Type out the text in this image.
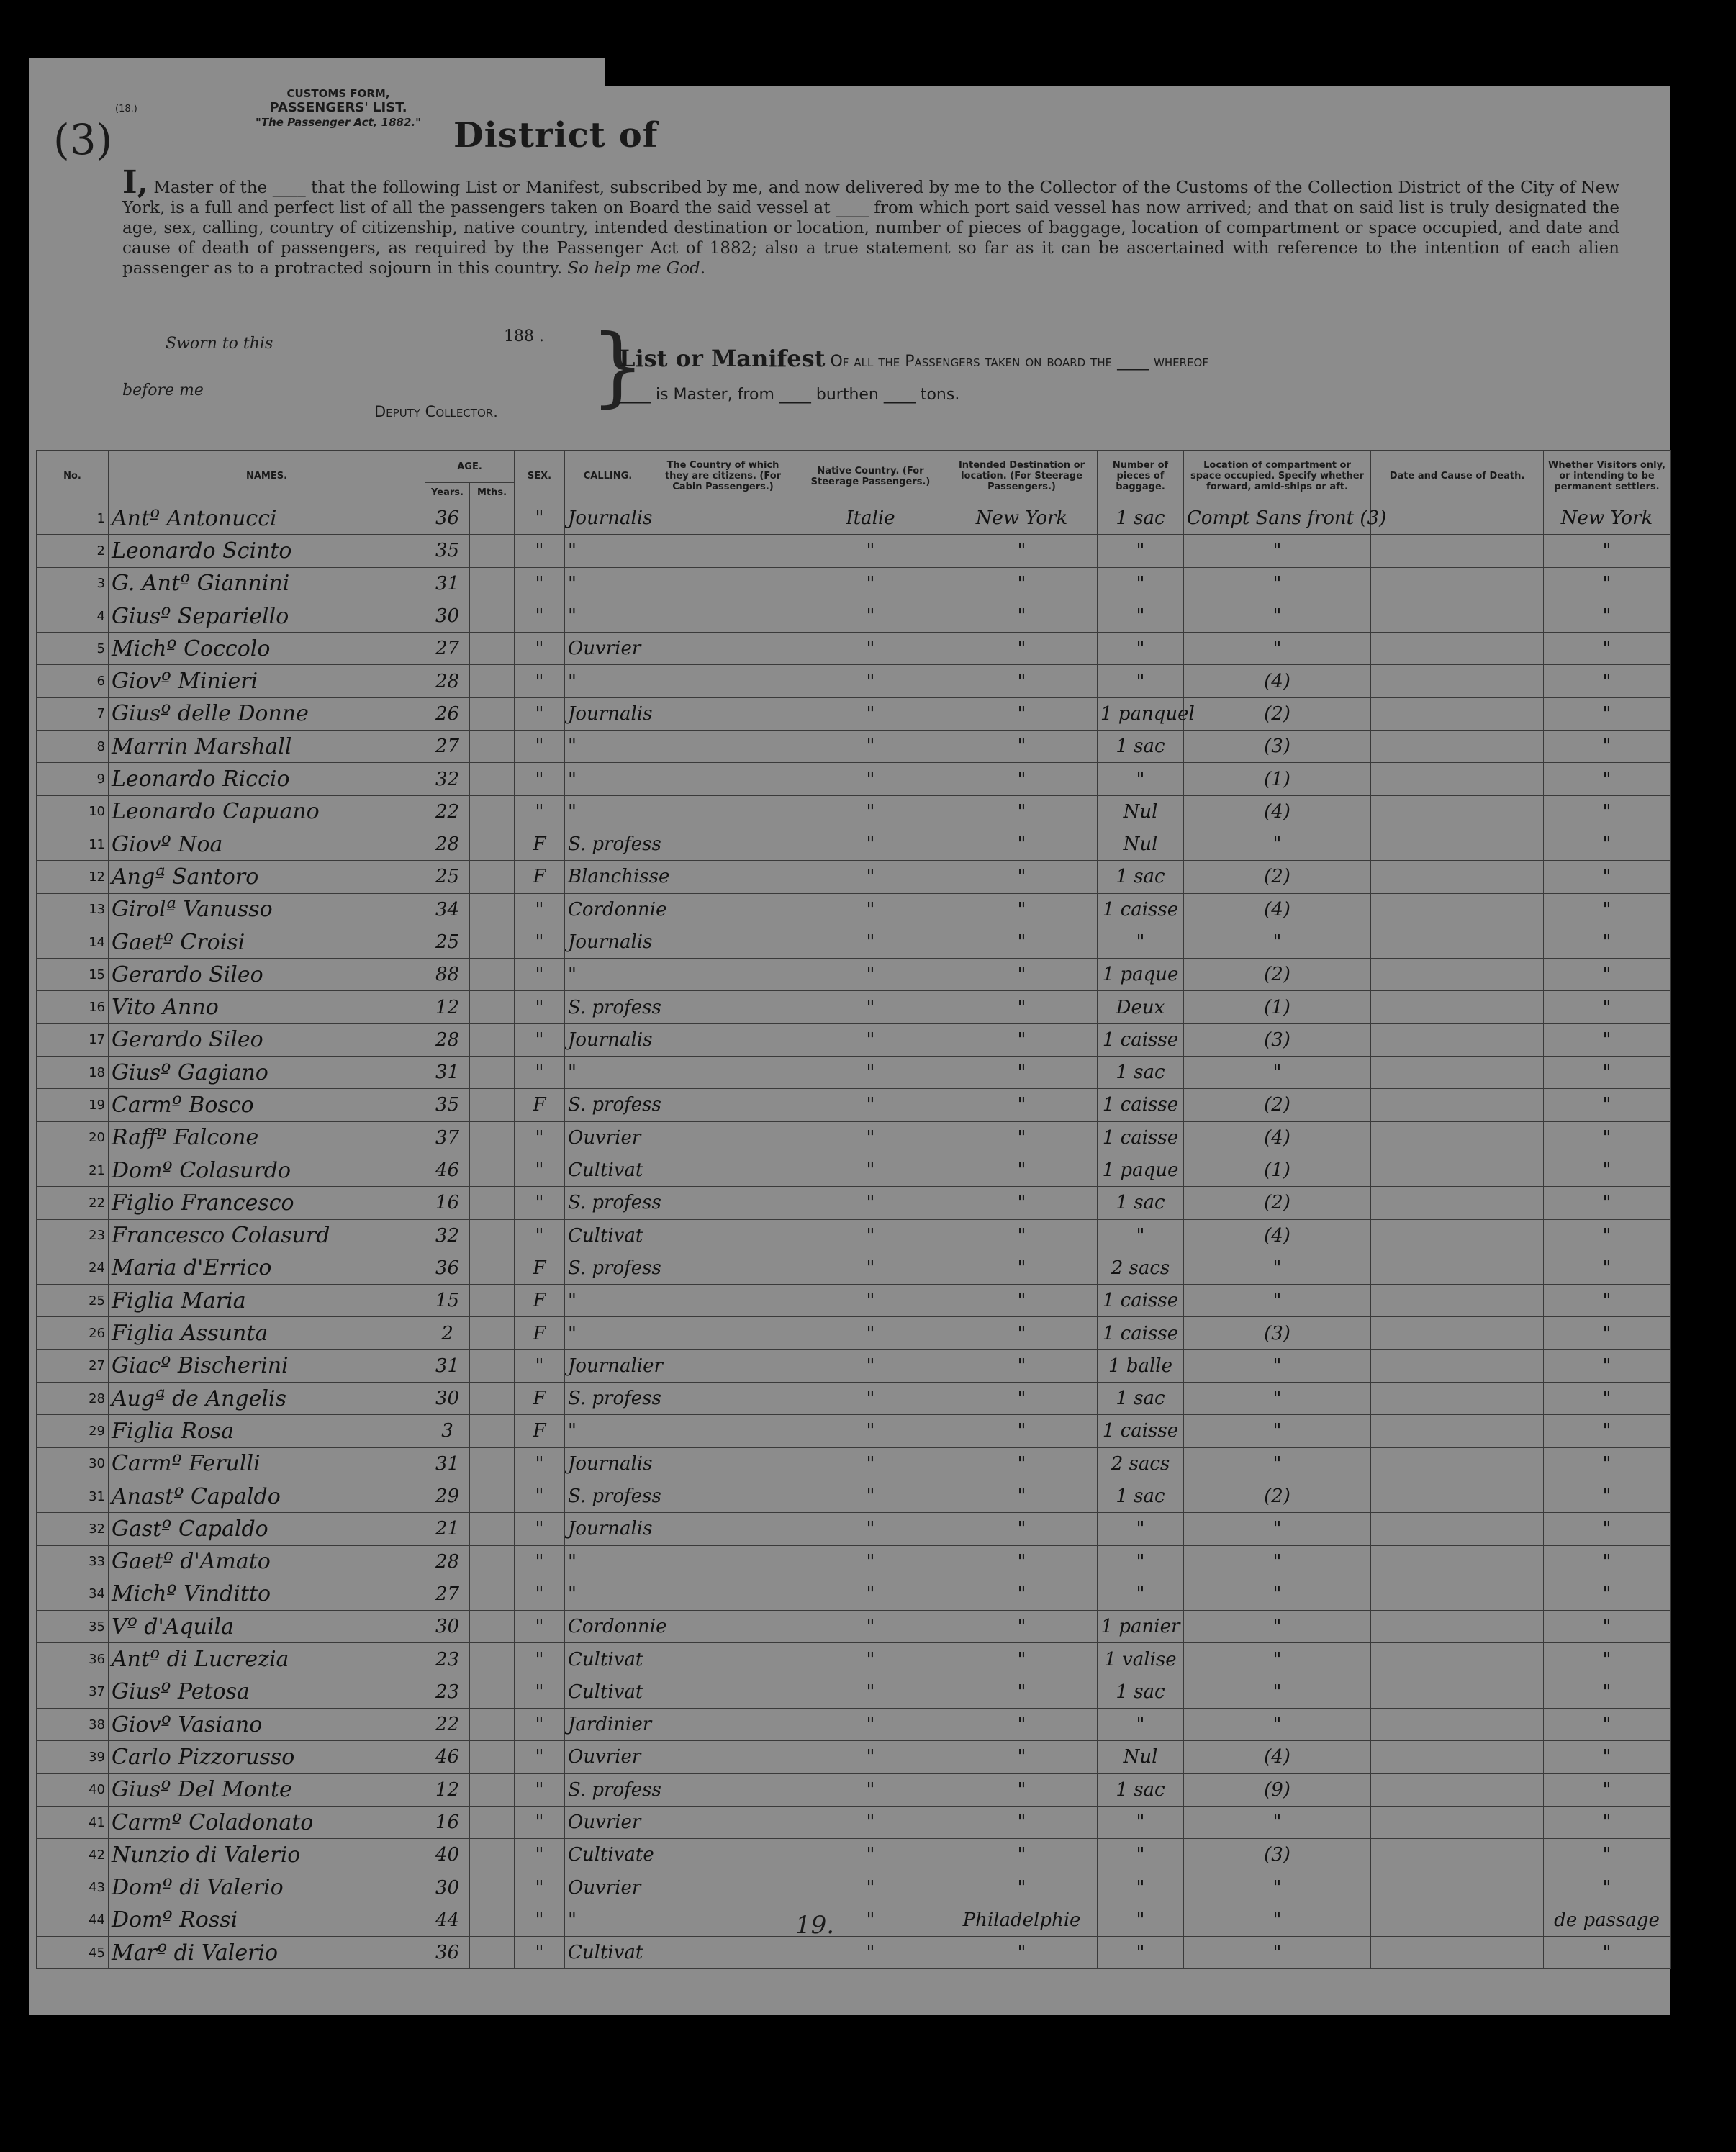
(18.)
CUSTOMS FORM,
PASSENGERS' LIST.
"The Passenger Act, 1882."
(3)	District of
I, Master of the ____ that the following List or Manifest, subscribed by me, and now delivered by me to the Collector of the Customs of the Collection District of the City of New York, is a full and perfect list of all the passengers taken on Board the said vessel at ____ from which port said vessel has now arrived; and that on said list is truly designated the age, sex, calling, country of citizenship, native country, intended destination or location, number of pieces of baggage, location of compartment or space occupied, and date and cause of death of passengers, as required by the Passenger Act of 1882; also a true statement so far as it can be ascertained with reference to the intention of each alien passenger as to a protracted sojourn in this country. So help me God.
Sworn to this	188 .
before me
Deputy Collector. }
List or Manifest Of all the Passengers taken on board the ____ whereof
____ is Master, from ____ burthen ____ tons.
No.	NAMES.	AGE.		SEX.	CALLING.	The Country of which they are citizens. (For Cabin Passengers.)	Native Country. (For Steerage Passengers.)	Intended Destination or location. (For Steerage Passengers.)	Number of pieces of baggage.	Location of compartment or space occupied. Specify whether forward, amid-ships or aft.	Date and Cause of Death.	Whether Visitors only, or intending to be permanent settlers.
		Years.	Mths.									
1	Antº Antonucci	36		"	Journalis		Italie	New York	1 sac	Compt Sans front (3)		New York
2	Leonardo Scinto	35		"	"		"	"	"	"		"
3	G. Antº Giannini	31		"	"		"	"	"	"		"
4	Giusº Separiello	30		"	"		"	"	"	"		"
5	Michº Coccolo	27		"	Ouvrier		"	"	"	"		"
6	Giovº Minieri	28		"	"		"	"	"	(4)		"
7	Giusº delle Donne	26		"	Journalis		"	"	1 panquel	(2)		"
8	Marrin Marshall	27		"	"		"	"	1 sac	(3)		"
9	Leonardo Riccio	32		"	"		"	"	"	(1)		"
10	Leonardo Capuano	22		"	"		"	"	Nul	(4)		"
11	Giovº Noa	28		F	S. profess		"	"	Nul	"		"
12	Angª Santoro	25		F	Blanchisse		"	"	1 sac	(2)		"
13	Girolª Vanusso	34		"	Cordonnie		"	"	1 caisse	(4)		"
14	Gaetº Croisi	25		"	Journalis		"	"	"	"		"
15	Gerardo Sileo	88		"	"		"	"	1 paque	(2)		"
16	Vito Anno	12		"	S. profess		"	"	Deux	(1)		"
17	Gerardo Sileo	28		"	Journalis		"	"	1 caisse	(3)		"
18	Giusº Gagiano	31		"	"		"	"	1 sac	"		"
19	Carmº Bosco	35		F	S. profess		"	"	1 caisse	(2)		"
20	Raffº Falcone	37		"	Ouvrier		"	"	1 caisse	(4)		"
21	Domº Colasurdo	46		"	Cultivat		"	"	1 paque	(1)		"
22	Figlio Francesco	16		"	S. profess		"	"	1 sac	(2)		"
23	Francesco Colasurd	32		"	Cultivat		"	"	"	(4)		"
24	Maria d'Errico	36		F	S. profess		"	"	2 sacs	"		"
25	Figlia Maria	15		F	"		"	"	1 caisse	"		"
26	Figlia Assunta	2		F	"		"	"	1 caisse	(3)		"
27	Giacº Bischerini	31		"	Journalier		"	"	1 balle	"		"
28	Augª de Angelis	30		F	S. profess		"	"	1 sac	"		"
29	Figlia Rosa	3		F	"		"	"	1 caisse	"		"
30	Carmº Ferulli	31		"	Journalis		"	"	2 sacs	"		"
31	Anastº Capaldo	29		"	S. profess		"	"	1 sac	(2)		"
32	Gastº Capaldo	21		"	Journalis		"	"	"	"		"
33	Gaetº d'Amato	28		"	"		"	"	"	"		"
34	Michº Vinditto	27		"	"		"	"	"	"		"
35	Vº d'Aquila	30		"	Cordonnie		"	"	1 panier	"		"
36	Antº di Lucrezia	23		"	Cultivat		"	"	1 valise	"		"
37	Giusº Petosa	23		"	Cultivat		"	"	1 sac	"		"
38	Giovº Vasiano	22		"	Jardinier		"	"	"	"		"
39	Carlo Pizzorusso	46		"	Ouvrier		"	"	Nul	(4)		"
40	Giusº Del Monte	12		"	S. profess		"	"	1 sac	(9)		"
41	Carmº Coladonato	16		"	Ouvrier		"	"	"	"		"
42	Nunzio di Valerio	40		"	Cultivate		"	"	"	(3)		"
43	Domº di Valerio	30		"	Ouvrier		"	"	"	"		"
44	Domº Rossi	44		"	"		"	Philadelphie	"	"		de passage
45	Marº di Valerio	36		"	Cultivat		"	"	"	"		"
19.
